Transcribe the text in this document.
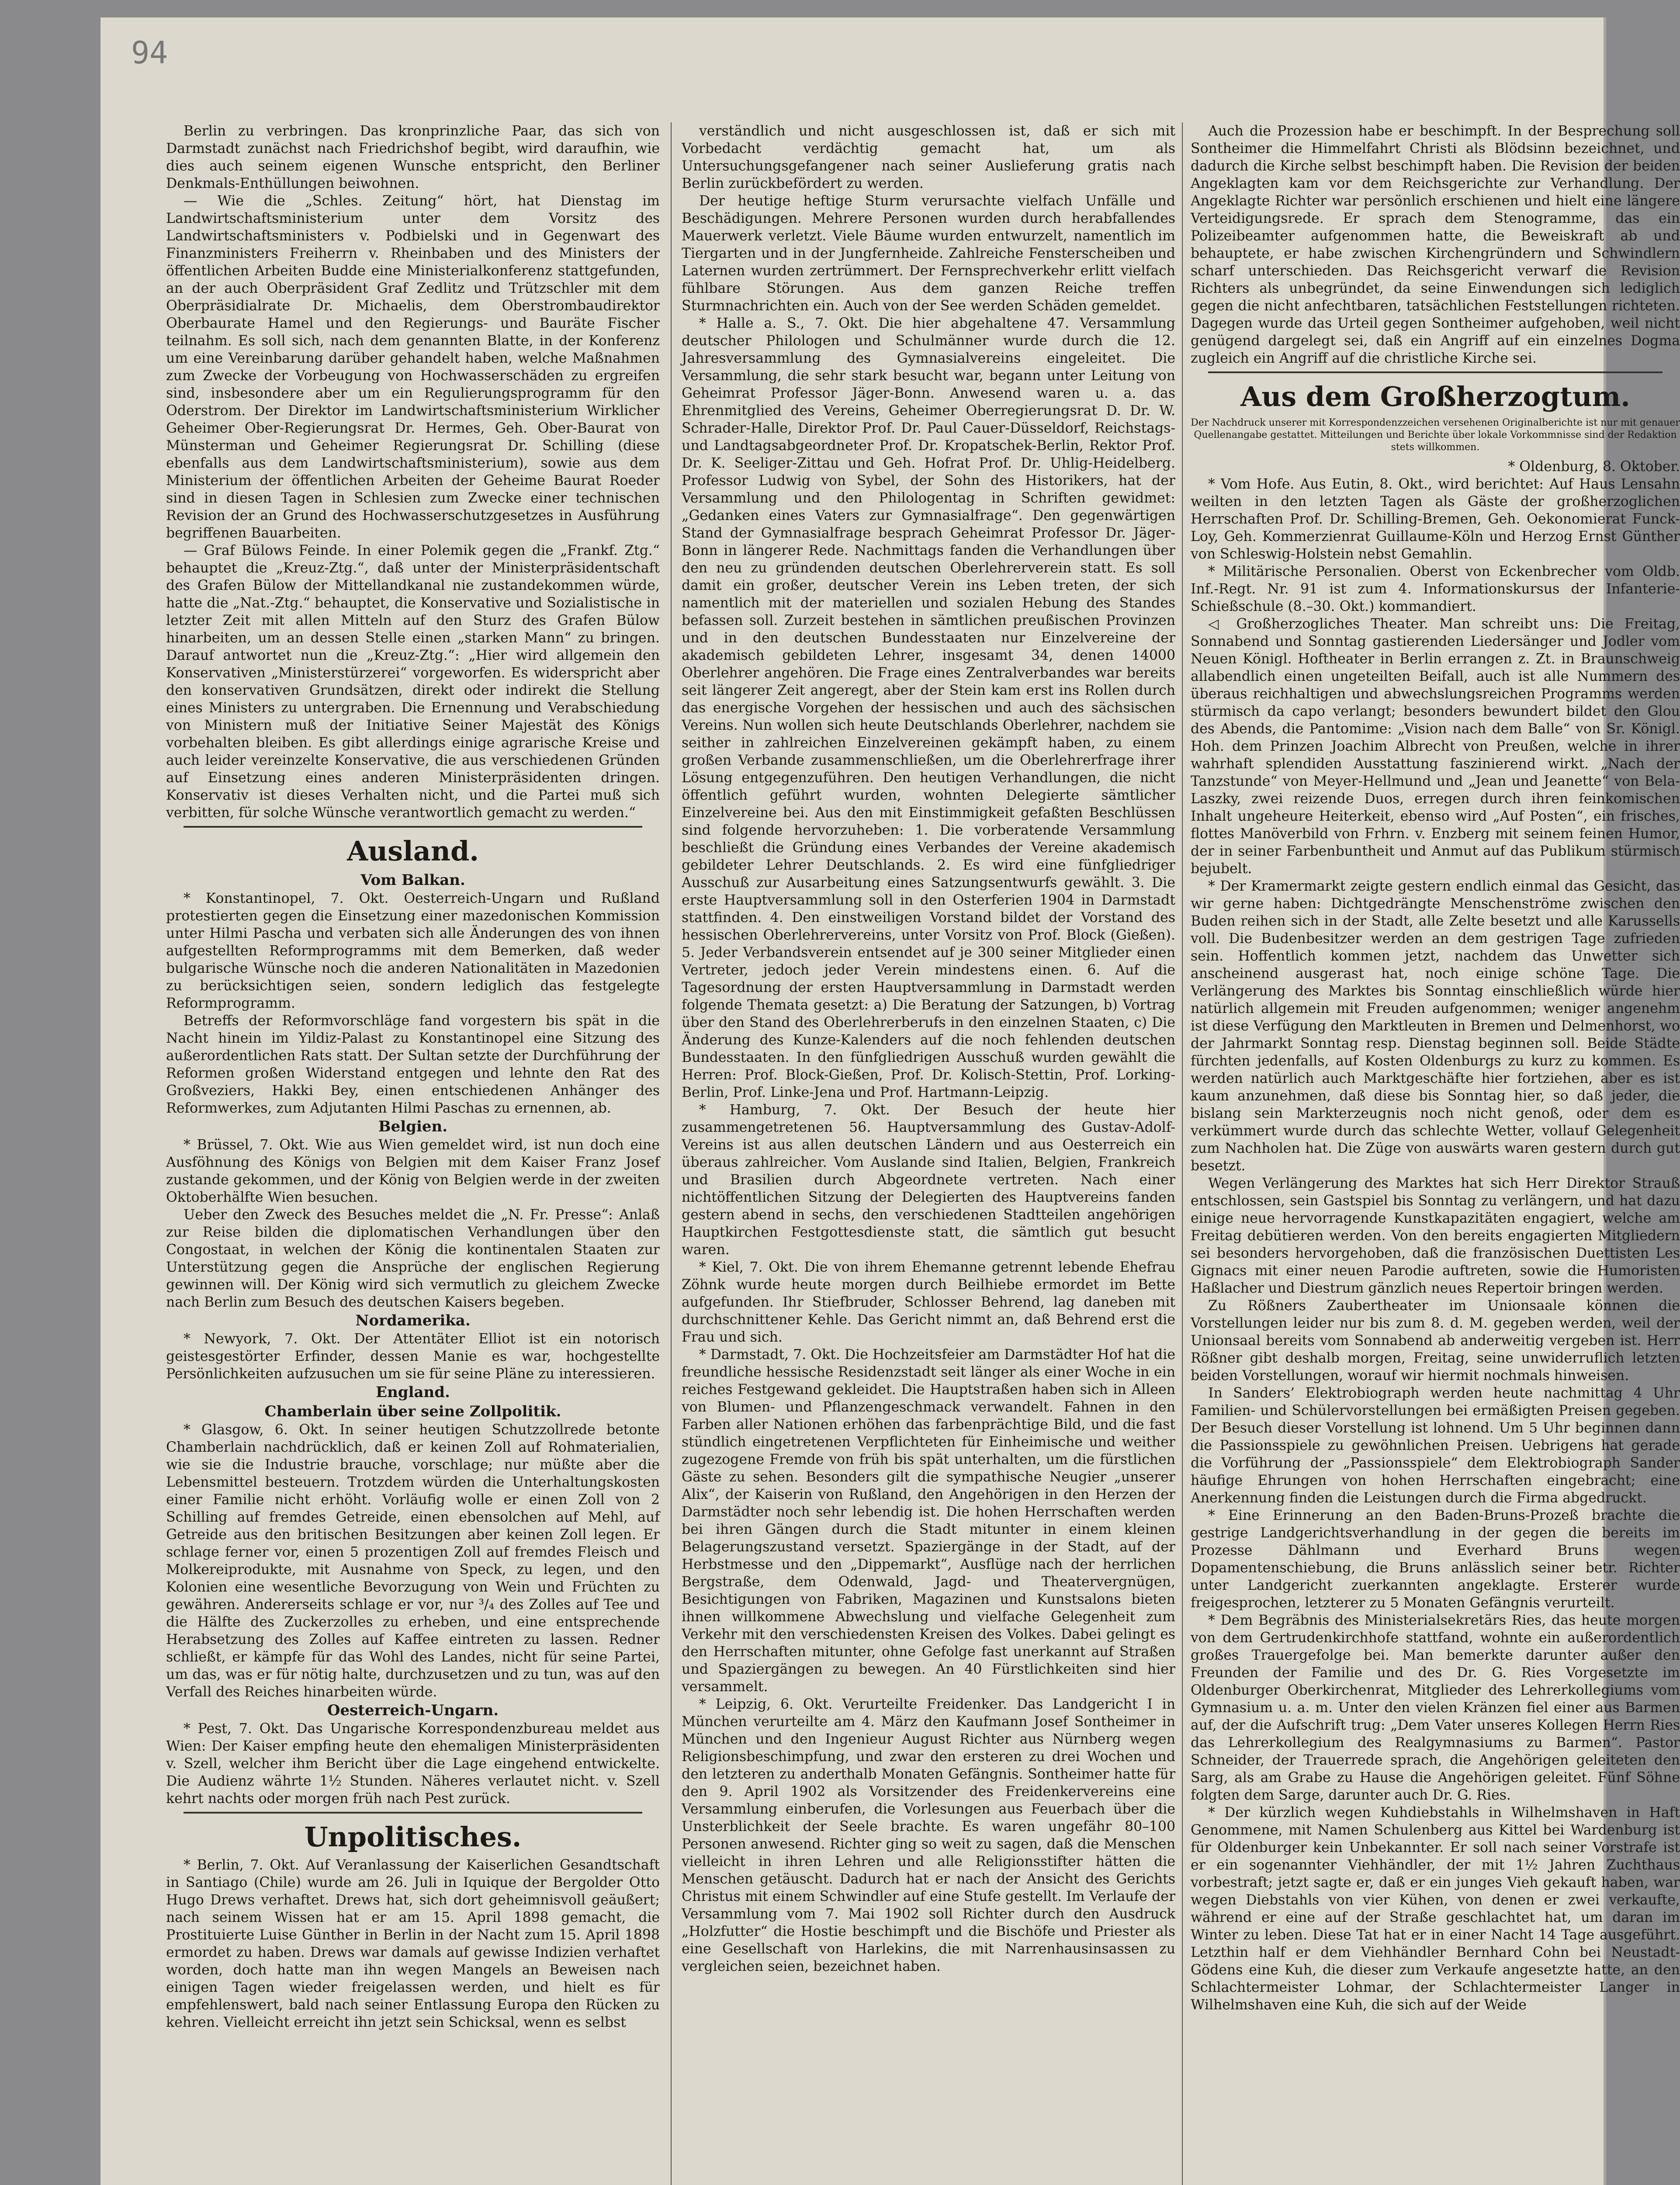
94

Berlin zu verbringen. Das kronprinzliche Paar, das sich von Darmstadt zunächst nach Friedrichshof begibt, wird daraufhin, wie dies auch seinem eigenen Wunsche entspricht, den Berliner Denkmals-Enthüllungen beiwohnen.

— Wie die „Schles. Zeitung“ hört, hat Dienstag im Landwirtschaftsministerium unter dem Vorsitz des Landwirtschaftsministers v. Podbielski und in Gegenwart des Finanzministers Freiherrn v. Rheinbaben und des Ministers der öffentlichen Arbeiten Budde eine Ministerialkonferenz stattgefunden, an der auch Oberpräsident Graf Zedlitz und Trützschler mit dem Oberpräsidialrate Dr. Michaelis, dem Oberstrombaudirektor Oberbaurate Hamel und den Regierungs- und Bauräte Fischer teilnahm. Es soll sich, nach dem genannten Blatte, in der Konferenz um eine Vereinbarung darüber gehandelt haben, welche Maßnahmen zum Zwecke der Vorbeugung von Hochwasserschäden zu ergreifen sind, insbesondere aber um ein Regulierungsprogramm für den Oderstrom. Der Direktor im Landwirtschaftsministerium Wirklicher Geheimer Ober-Regierungsrat Dr. Hermes, Geh. Ober-Baurat von Münsterman und Geheimer Regierungsrat Dr. Schilling (diese ebenfalls aus dem Landwirtschaftsministerium), sowie aus dem Ministerium der öffentlichen Arbeiten der Geheime Baurat Roeder sind in diesen Tagen in Schlesien zum Zwecke einer technischen Revision der an Grund des Hochwasserschutzgesetzes in Ausführung begriffenen Bauarbeiten.

— Graf Bülows Feinde. In einer Polemik gegen die „Frankf. Ztg.“ behauptet die „Kreuz-Ztg.“, daß unter der Ministerpräsidentschaft des Grafen Bülow der Mittellandkanal nie zustandekommen würde, hatte die „Nat.-Ztg.“ behauptet, die Konservative und Sozialistische in letzter Zeit mit allen Mitteln auf den Sturz des Grafen Bülow hinarbeiten, um an dessen Stelle einen „starken Mann“ zu bringen. Darauf antwortet nun die „Kreuz-Ztg.“: „Hier wird allgemein den Konservativen „Ministerstürzerei“ vorgeworfen. Es widerspricht aber den konservativen Grundsätzen, direkt oder indirekt die Stellung eines Ministers zu untergraben. Die Ernennung und Verabschiedung von Ministern muß der Initiative Seiner Majestät des Königs vorbehalten bleiben. Es gibt allerdings einige agrarische Kreise und auch leider vereinzelte Konservative, die aus verschiedenen Gründen auf Einsetzung eines anderen Ministerpräsidenten dringen. Konservativ ist dieses Verhalten nicht, und die Partei muß sich verbitten, für solche Wünsche verantwortlich gemacht zu werden.“

Ausland.

Vom Balkan.

* Konstantinopel, 7. Okt. Oesterreich-Ungarn und Rußland protestierten gegen die Einsetzung einer mazedonischen Kommission unter Hilmi Pascha und verbaten sich alle Änderungen des von ihnen aufgestellten Reformprogramms mit dem Bemerken, daß weder bulgarische Wünsche noch die anderen Nationalitäten in Mazedonien zu berücksichtigen seien, sondern lediglich das festgelegte Reformprogramm.

Betreffs der Reformvorschläge fand vorgestern bis spät in die Nacht hinein im Yildiz-Palast zu Konstantinopel eine Sitzung des außerordentlichen Rats statt. Der Sultan setzte der Durchführung der Reformen großen Widerstand entgegen und lehnte den Rat des Großveziers, Hakki Bey, einen entschiedenen Anhänger des Reformwerkes, zum Adjutanten Hilmi Paschas zu ernennen, ab.

Belgien.

* Brüssel, 7. Okt. Wie aus Wien gemeldet wird, ist nun doch eine Ausföhnung des Königs von Belgien mit dem Kaiser Franz Josef zustande gekommen, und der König von Belgien werde in der zweiten Oktoberhälfte Wien besuchen.

Ueber den Zweck des Besuches meldet die „N. Fr. Presse“: Anlaß zur Reise bilden die diplomatischen Verhandlungen über den Congostaat, in welchen der König die kontinentalen Staaten zur Unterstützung gegen die Ansprüche der englischen Regierung gewinnen will. Der König wird sich vermutlich zu gleichem Zwecke nach Berlin zum Besuch des deutschen Kaisers begeben.

Nordamerika.

* Newyork, 7. Okt. Der Attentäter Elliot ist ein notorisch geistesgestörter Erfinder, dessen Manie es war, hochgestellte Persönlichkeiten aufzusuchen um sie für seine Pläne zu interessieren.

England.

Chamberlain über seine Zollpolitik.

* Glasgow, 6. Okt. In seiner heutigen Schutzzollrede betonte Chamberlain nachdrücklich, daß er keinen Zoll auf Rohmaterialien, wie sie die Industrie brauche, vorschlage; nur müßte aber die Lebensmittel besteuern. Trotzdem würden die Unterhaltungskosten einer Familie nicht erhöht. Vorläufig wolle er einen Zoll von 2 Schilling auf fremdes Getreide, einen ebensolchen auf Mehl, auf Getreide aus den britischen Besitzungen aber keinen Zoll legen. Er schlage ferner vor, einen 5 prozentigen Zoll auf fremdes Fleisch und Molkereiprodukte, mit Ausnahme von Speck, zu legen, und den Kolonien eine wesentliche Bevorzugung von Wein und Früchten zu gewähren. Andererseits schlage er vor, nur ³/₄ des Zolles auf Tee und die Hälfte des Zuckerzolles zu erheben, und eine entsprechende Herabsetzung des Zolles auf Kaffee eintreten zu lassen. Redner schließt, er kämpfe für das Wohl des Landes, nicht für seine Partei, um das, was er für nötig halte, durchzusetzen und zu tun, was auf den Verfall des Reiches hinarbeiten würde.

Oesterreich-Ungarn.

* Pest, 7. Okt. Das Ungarische Korrespondenzbureau meldet aus Wien: Der Kaiser empfing heute den ehemaligen Ministerpräsidenten v. Szell, welcher ihm Bericht über die Lage eingehend entwickelte. Die Audienz währte 1½ Stunden. Näheres verlautet nicht. v. Szell kehrt nachts oder morgen früh nach Pest zurück.

Unpolitisches.

* Berlin, 7. Okt. Auf Veranlassung der Kaiserlichen Gesandtschaft in Santiago (Chile) wurde am 26. Juli in Iquique der Bergolder Otto Hugo Drews verhaftet. Drews hat, sich dort geheimnisvoll geäußert; nach seinem Wissen hat er am 15. April 1898 gemacht, die Prostituierte Luise Günther in Berlin in der Nacht zum 15. April 1898 ermordet zu haben. Drews war damals auf gewisse Indizien verhaftet worden, doch hatte man ihn wegen Mangels an Beweisen nach einigen Tagen wieder freigelassen werden, und hielt es für empfehlenswert, bald nach seiner Entlassung Europa den Rücken zu kehren. Vielleicht erreicht ihn jetzt sein Schicksal, wenn es selbst

verständlich und nicht ausgeschlossen ist, daß er sich mit Vorbedacht verdächtig gemacht hat, um als Untersuchungsgefangener nach seiner Auslieferung gratis nach Berlin zurückbefördert zu werden.

Der heutige heftige Sturm verursachte vielfach Unfälle und Beschädigungen. Mehrere Personen wurden durch herabfallendes Mauerwerk verletzt. Viele Bäume wurden entwurzelt, namentlich im Tiergarten und in der Jungfernheide. Zahlreiche Fensterscheiben und Laternen wurden zertrümmert. Der Fernsprechverkehr erlitt vielfach fühlbare Störungen. Aus dem ganzen Reiche treffen Sturmnachrichten ein. Auch von der See werden Schäden gemeldet.

* Halle a. S., 7. Okt. Die hier abgehaltene 47. Versammlung deutscher Philologen und Schulmänner wurde durch die 12. Jahresversammlung des Gymnasialvereins eingeleitet. Die Versammlung, die sehr stark besucht war, begann unter Leitung von Geheimrat Professor Jäger-Bonn. Anwesend waren u. a. das Ehrenmitglied des Vereins, Geheimer Oberregierungsrat D. Dr. W. Schrader-Halle, Direktor Prof. Dr. Paul Cauer-Düsseldorf, Reichstags- und Landtagsabgeordneter Prof. Dr. Kropatschek-Berlin, Rektor Prof. Dr. K. Seeliger-Zittau und Geh. Hofrat Prof. Dr. Uhlig-Heidelberg. Professor Ludwig von Sybel, der Sohn des Historikers, hat der Versammlung und den Philologentag in Schriften gewidmet: „Gedanken eines Vaters zur Gymnasialfrage“. Den gegenwärtigen Stand der Gymnasialfrage besprach Geheimrat Professor Dr. Jäger-Bonn in längerer Rede. Nachmittags fanden die Verhandlungen über den neu zu gründenden deutschen Oberlehrerverein statt. Es soll damit ein großer, deutscher Verein ins Leben treten, der sich namentlich mit der materiellen und sozialen Hebung des Standes befassen soll. Zurzeit bestehen in sämtlichen preußischen Provinzen und in den deutschen Bundesstaaten nur Einzelvereine der akademisch gebildeten Lehrer, insgesamt 34, denen 14000 Oberlehrer angehören. Die Frage eines Zentralverbandes war bereits seit längerer Zeit angeregt, aber der Stein kam erst ins Rollen durch das energische Vorgehen der hessischen und auch des sächsischen Vereins. Nun wollen sich heute Deutschlands Oberlehrer, nachdem sie seither in zahlreichen Einzelvereinen gekämpft haben, zu einem großen Verbande zusammenschließen, um die Oberlehrerfrage ihrer Lösung entgegenzuführen. Den heutigen Verhandlungen, die nicht öffentlich geführt wurden, wohnten Delegierte sämtlicher Einzelvereine bei. Aus den mit Einstimmigkeit gefaßten Beschlüssen sind folgende hervorzuheben: 1. Die vorberatende Versammlung beschließt die Gründung eines Verbandes der Vereine akademisch gebildeter Lehrer Deutschlands. 2. Es wird eine fünfgliedriger Ausschuß zur Ausarbeitung eines Satzungsentwurfs gewählt. 3. Die erste Hauptversammlung soll in den Osterferien 1904 in Darmstadt stattfinden. 4. Den einstweiligen Vorstand bildet der Vorstand des hessischen Oberlehrervereins, unter Vorsitz von Prof. Block (Gießen). 5. Jeder Verbandsverein entsendet auf je 300 seiner Mitglieder einen Vertreter, jedoch jeder Verein mindestens einen. 6. Auf die Tagesordnung der ersten Hauptversammlung in Darmstadt werden folgende Themata gesetzt: a) Die Beratung der Satzungen, b) Vortrag über den Stand des Oberlehrerberufs in den einzelnen Staaten, c) Die Änderung des Kunze-Kalenders auf die noch fehlenden deutschen Bundesstaaten. In den fünfgliedrigen Ausschuß wurden gewählt die Herren: Prof. Block-Gießen, Prof. Dr. Kolisch-Stettin, Prof. Lorking-Berlin, Prof. Linke-Jena und Prof. Hartmann-Leipzig.

* Hamburg, 7. Okt. Der Besuch der heute hier zusammengetretenen 56. Hauptversammlung des Gustav-Adolf-Vereins ist aus allen deutschen Ländern und aus Oesterreich ein überaus zahlreicher. Vom Auslande sind Italien, Belgien, Frankreich und Brasilien durch Abgeordnete vertreten. Nach einer nichtöffentlichen Sitzung der Delegierten des Hauptvereins fanden gestern abend in sechs, den verschiedenen Stadtteilen angehörigen Hauptkirchen Festgottesdienste statt, die sämtlich gut besucht waren.

* Kiel, 7. Okt. Die von ihrem Ehemanne getrennt lebende Ehefrau Zöhnk wurde heute morgen durch Beilhiebe ermordet im Bette aufgefunden. Ihr Stiefbruder, Schlosser Behrend, lag daneben mit durchschnittener Kehle. Das Gericht nimmt an, daß Behrend erst die Frau und sich.

* Darmstadt, 7. Okt. Die Hochzeitsfeier am Darmstädter Hof hat die freundliche hessische Residenzstadt seit länger als einer Woche in ein reiches Festgewand gekleidet. Die Hauptstraßen haben sich in Alleen von Blumen- und Pflanzengeschmack verwandelt. Fahnen in den Farben aller Nationen erhöhen das farbenprächtige Bild, und die fast stündlich eingetretenen Verpflichteten für Einheimische und weither zugezogene Fremde von früh bis spät unterhalten, um die fürstlichen Gäste zu sehen. Besonders gilt die sympathische Neugier „unserer Alix“, der Kaiserin von Rußland, den Angehörigen in den Herzen der Darmstädter noch sehr lebendig ist. Die hohen Herrschaften werden bei ihren Gängen durch die Stadt mitunter in einem kleinen Belagerungszustand versetzt. Spaziergänge in der Stadt, auf der Herbstmesse und den „Dippemarkt“, Ausflüge nach der herrlichen Bergstraße, dem Odenwald, Jagd- und Theatervergnügen, Besichtigungen von Fabriken, Magazinen und Kunstsalons bieten ihnen willkommene Abwechslung und vielfache Gelegenheit zum Verkehr mit den verschiedensten Kreisen des Volkes. Dabei gelingt es den Herrschaften mitunter, ohne Gefolge fast unerkannt auf Straßen und Spaziergängen zu bewegen. An 40 Fürstlichkeiten sind hier versammelt.

* Leipzig, 6. Okt. Verurteilte Freidenker. Das Landgericht I in München verurteilte am 4. März den Kaufmann Josef Sontheimer in München und den Ingenieur August Richter aus Nürnberg wegen Religionsbeschimpfung, und zwar den ersteren zu drei Wochen und den letzteren zu anderthalb Monaten Gefängnis. Sontheimer hatte für den 9. April 1902 als Vorsitzender des Freidenkervereins eine Versammlung einberufen, die Vorlesungen aus Feuerbach über die Unsterblichkeit der Seele brachte. Es waren ungefähr 80–100 Personen anwesend. Richter ging so weit zu sagen, daß die Menschen vielleicht in ihren Lehren und alle Religionsstifter hätten die Menschen getäuscht. Dadurch hat er nach der Ansicht des Gerichts Christus mit einem Schwindler auf eine Stufe gestellt. Im Verlaufe der Versammlung vom 7. Mai 1902 soll Richter durch den Ausdruck „Holzfutter“ die Hostie beschimpft und die Bischöfe und Priester als eine Gesellschaft von Harlekins, die mit Narrenhausinsassen zu vergleichen seien, bezeichnet haben.

Auch die Prozession habe er beschimpft. In der Besprechung soll Sontheimer die Himmelfahrt Christi als Blödsinn bezeichnet, und dadurch die Kirche selbst beschimpft haben. Die Revision der beiden Angeklagten kam vor dem Reichsgerichte zur Verhandlung. Der Angeklagte Richter war persönlich erschienen und hielt eine längere Verteidigungsrede. Er sprach dem Stenogramme, das ein Polizeibeamter aufgenommen hatte, die Beweiskraft ab und behauptete, er habe zwischen Kirchengründern und Schwindlern scharf unterschieden. Das Reichsgericht verwarf die Revision Richters als unbegründet, da seine Einwendungen sich lediglich gegen die nicht anfechtbaren, tatsächlichen Feststellungen richteten. Dagegen wurde das Urteil gegen Sontheimer aufgehoben, weil nicht genügend dargelegt sei, daß ein Angriff auf ein einzelnes Dogma zugleich ein Angriff auf die christliche Kirche sei.

Aus dem Großherzogtum.

Der Nachdruck unserer mit Korrespondenzzeichen versehenen Originalberichte ist nur mit genauer Quellenangabe gestattet. Mitteilungen und Berichte über lokale Vorkommnisse sind der Redaktion stets willkommen.

* Oldenburg, 8. Oktober.

* Vom Hofe. Aus Eutin, 8. Okt., wird berichtet: Auf Haus Lensahn weilten in den letzten Tagen als Gäste der großherzoglichen Herrschaften Prof. Dr. Schilling-Bremen, Geh. Oekonomierat Funck-Loy, Geh. Kommerzienrat Guillaume-Köln und Herzog Ernst Günther von Schleswig-Holstein nebst Gemahlin.

* Militärische Personalien. Oberst von Eckenbrecher vom Oldb. Inf.-Regt. Nr. 91 ist zum 4. Informationskursus der Infanterie-Schießschule (8.–30. Okt.) kommandiert.

◁ Großherzogliches Theater. Man schreibt uns: Die Freitag, Sonnabend und Sonntag gastierenden Liedersänger und Jodler vom Neuen Königl. Hoftheater in Berlin errangen z. Zt. in Braunschweig allabendlich einen ungeteilten Beifall, auch ist alle Nummern des überaus reichhaltigen und abwechslungsreichen Programms werden stürmisch da capo verlangt; besonders bewundert bildet den Glou des Abends, die Pantomime: „Vision nach dem Balle“ von Sr. Königl. Hoh. dem Prinzen Joachim Albrecht von Preußen, welche in ihrer wahrhaft splendiden Ausstattung faszinierend wirkt. „Nach der Tanzstunde“ von Meyer-Hellmund und „Jean und Jeanette“ von Bela-Laszky, zwei reizende Duos, erregen durch ihren feinkomischen Inhalt ungeheure Heiterkeit, ebenso wird „Auf Posten“, ein frisches, flottes Manöverbild von Frhrn. v. Enzberg mit seinem feinen Humor, der in seiner Farbenbuntheit und Anmut auf das Publikum stürmisch bejubelt.

* Der Kramermarkt zeigte gestern endlich einmal das Gesicht, das wir gerne haben: Dichtgedrängte Menschenströme zwischen den Buden reihen sich in der Stadt, alle Zelte besetzt und alle Karussells voll. Die Budenbesitzer werden an dem gestrigen Tage zufrieden sein. Hoffentlich kommen jetzt, nachdem das Unwetter sich anscheinend ausgerast hat, noch einige schöne Tage. Die Verlängerung des Marktes bis Sonntag einschließlich würde hier natürlich allgemein mit Freuden aufgenommen; weniger angenehm ist diese Verfügung den Marktleuten in Bremen und Delmenhorst, wo der Jahrmarkt Sonntag resp. Dienstag beginnen soll. Beide Städte fürchten jedenfalls, auf Kosten Oldenburgs zu kurz zu kommen. Es werden natürlich auch Marktgeschäfte hier fortziehen, aber es ist kaum anzunehmen, daß diese bis Sonntag hier, so daß jeder, die bislang sein Markterzeugnis noch nicht genoß, oder dem es verkümmert wurde durch das schlechte Wetter, vollauf Gelegenheit zum Nachholen hat. Die Züge von auswärts waren gestern durch gut besetzt.

Wegen Verlängerung des Marktes hat sich Herr Direktor Strauß entschlossen, sein Gastspiel bis Sonntag zu verlängern, und hat dazu einige neue hervorragende Kunstkapazitäten engagiert, welche am Freitag debütieren werden. Von den bereits engagierten Mitgliedern sei besonders hervorgehoben, daß die französischen Duettisten Les Gignacs mit einer neuen Parodie auftreten, sowie die Humoristen Haßlacher und Diestrum gänzlich neues Repertoir bringen werden.

Zu Rößners Zaubertheater im Unionsaale können die Vorstellungen leider nur bis zum 8. d. M. gegeben werden, weil der Unionsaal bereits vom Sonnabend ab anderweitig vergeben ist. Herr Rößner gibt deshalb morgen, Freitag, seine unwiderruflich letzten beiden Vorstellungen, worauf wir hiermit nochmals hinweisen.

In Sanders’ Elektrobiograph werden heute nachmittag 4 Uhr Familien- und Schülervorstellungen bei ermäßigten Preisen gegeben. Der Besuch dieser Vorstellung ist lohnend. Um 5 Uhr beginnen dann die Passionsspiele zu gewöhnlichen Preisen. Uebrigens hat gerade die Vorführung der „Passionsspiele“ dem Elektrobiograph Sander häufige Ehrungen von hohen Herrschaften eingebracht; eine Anerkennung finden die Leistungen durch die Firma abgedruckt.

* Eine Erinnerung an den Baden-Bruns-Prozeß brachte die gestrige Landgerichtsverhandlung in der gegen die bereits im Prozesse Dählmann und Everhard Bruns wegen Dopamentenschiebung, die Bruns anlässlich seiner betr. Richter unter Landgericht zuerkannten angeklagte. Ersterer wurde freigesprochen, letzterer zu 5 Monaten Gefängnis verurteilt.

* Dem Begräbnis des Ministerialsekretärs Ries, das heute morgen von dem Gertrudenkirchhofe stattfand, wohnte ein außerordentlich großes Trauergefolge bei. Man bemerkte darunter außer den Freunden der Familie und des Dr. G. Ries Vorgesetzte im Oldenburger Oberkirchenrat, Mitglieder des Lehrerkollegiums vom Gymnasium u. a. m. Unter den vielen Kränzen fiel einer aus Barmen auf, der die Aufschrift trug: „Dem Vater unseres Kollegen Herrn Ries das Lehrerkollegium des Realgymnasiums zu Barmen“. Pastor Schneider, der Trauerrede sprach, die Angehörigen geleiteten den Sarg, als am Grabe zu Hause die Angehörigen geleitet. Fünf Söhne folgten dem Sarge, darunter auch Dr. G. Ries.

* Der kürzlich wegen Kuhdiebstahls in Wilhelmshaven in Haft Genommene, mit Namen Schulenberg aus Kittel bei Wardenburg ist für Oldenburger kein Unbekannter. Er soll nach seiner Vorstrafe ist er ein sogenannter Viehhändler, der mit 1½ Jahren Zuchthaus vorbestraft; jetzt sagte er, daß er ein junges Vieh gekauft haben, war wegen Diebstahls von vier Kühen, von denen er zwei verkaufte, während er eine auf der Straße geschlachtet hat, um daran im Winter zu leben. Diese Tat hat er in einer Nacht 14 Tage ausgeführt. Letzthin half er dem Viehhändler Bernhard Cohn bei Neustadt-Gödens eine Kuh, die dieser zum Verkaufe angesetzte hatte, an den Schlachtermeister Lohmar, der Schlachtermeister Langer in Wilhelmshaven eine Kuh, die sich auf der Weide
